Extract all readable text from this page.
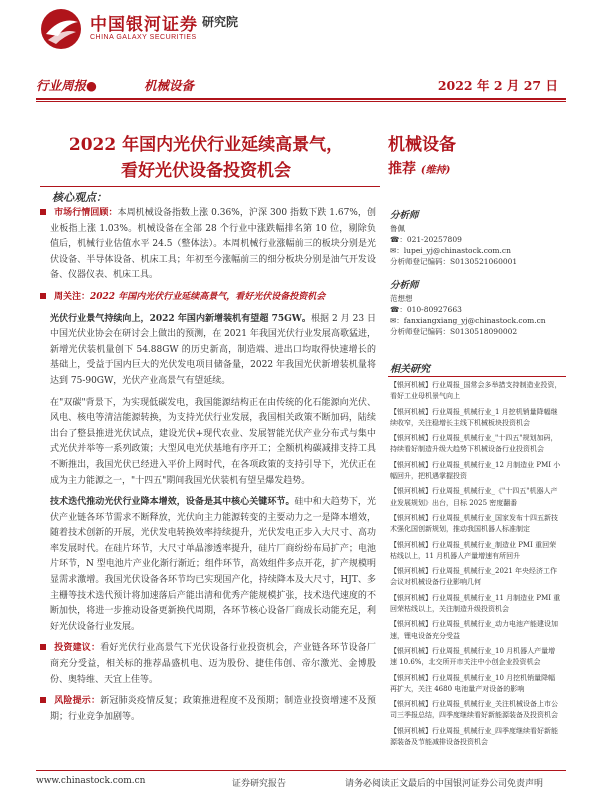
中国银河证券
CHINA GALAXY SECURITIES
研究院
行业周报●	机械设备	2022 年 2 月 27 日
2022 年国内光伏行业延续高景气，
看好光伏设备投资机会
核心观点：

市场行情回顾：本周机械设备指数上涨 0.36%，沪深 300 指数下跌 1.67%，创业板指上涨 1.03%。机械设备在全部 28 个行业中涨跌幅排名第 10 位，剔除负值后，机械行业估值水平 24.5（整体法）。本周机械行业涨幅前三的板块分别是光伏设备、半导体设备、机床工具；年初至今涨幅前三的细分板块分别是油气开发设备、仪器仪表、机床工具。

周关注：2022 年国内光伏行业延续高景气，看好光伏设备投资机会

光伏行业景气持续向上，2022 年国内新增装机有望超 75GW。根据 2 月 23 日中国光伏业协会在研讨会上做出的预测，在 2021 年我国光伏行业发展高歌猛进，新增光伏装机量创下 54.88GW 的历史新高，制造端、进出口均取得快速增长的基础上，受益于国内巨大的光伏发电项目储备量，2022 年我国光伏新增装机量将达到 75-90GW，光伏产业高景气有望延续。

在"双碳"背景下，为实现低碳发电，我国能源结构正在由传统的化石能源向光伏、风电、核电等清洁能源转换，为支持光伏行业发展，我国相关政策不断加码，陆续出台了整县推进光伏试点，建设光伏+现代农业、发展智能光伏产业分布式与集中式光伏并举等一系列政策；大型风电光伏基地有序开工；全额机构碳减排支持工具不断推出，我国光伏已经进入平价上网时代，在各项政策的支持引导下，光伏正在成为主力能源之一，"十四五"期间我国光伏装机有望呈爆发趋势。

技术迭代推动光伏行业降本增效，设备是其中核心关键环节。硅中和大趋势下，光伏产业链各环节需求不断释放，光伏向主力能源转变的主要动力之一是降本增效，随着技术创新的开展，光伏发电转换效率持续提升，光伏发电正步入大尺寸、高功率发展时代。在硅片环节，大尺寸单晶渗透率提升，硅片厂商纷纷布局扩产；电池片环节，N 型电池片产业化渐行渐近；组件环节，高效组件多点开花，扩产规模明显需求激增。我国光伏设备各环节均已实现国产化，持续降本及大尺寸，HJT、多主栅等技术迭代预计将加速落后产能出清和优秀产能规模扩张，技术迭代速度的不断加快，将进一步推动设备更新换代周期，各环节核心设备厂商成长动能充足，利好光伏设备行业发展。

投资建议：看好光伏行业高景气下光伏设备行业投资机会，产业链各环节设备厂商充分受益，相关标的推荐晶盛机电、迈为股份、捷佳伟创、帝尔激光、金博股份、奥特维、天宜上佳等。

风险提示：新冠肺炎疫情反复；政策推进程度不及预期；制造业投资增速不及预期；行业竞争加剧等。

机械设备
推荐 (维持)
分析师
鲁佩
☎：021-20257809
✉：lupei_yj@chinastock.com.cn
分析师登记编码：S0130521060001
分析师
范想想
☎：010-80927663
✉：fanxiangxiang_yj@chinastock.com.cn
分析师登记编码：S0130518090002
相关研究
【银河机械】行业周报_国常会多举措支持制造业投资，看好工业母机景气向上
【银河机械】行业周报_机械行业_1 月挖机销量降幅继续收窄，关注稳增长主线下机械板块投资机会
【银河机械】行业周报_机械行业_"十四五"规划加码，持续看好制造升级大趋势下机械设备行业投资机会
【银河机械】行业周报_机械行业_12 月制造业 PMI 小幅回升，把机遇掌握投资
【银河机械】行业周报_机械行业_《"十四五"机器人产业发展规划》出台，目标 2025 密度翻番
【银河机械】行业周报_机械行业_国家发布十四五新技术强化国创新规划，推动我国机器人标准制定
【银河机械】行业周报_机械行业_制造业 PMI 重回荣枯线以上，11 月机器人产量增速有所回升
【银河机械】行业周报_机械行业_2021 年央经济工作会议对机械设备行业影响几何
【银河机械】行业周报_机械行业_11 月制造业 PMI 重回荣枯线以上，关注制造升级投资机会
【银河机械】行业周报_机械行业_动力电池产能建设加速，锂电设备充分受益
【银河机械】行业周报_机械行业_10 月机器人产量增速 10.6%，北交所开市关注中小创企业投资机会
【银河机械】行业周报_机械行业_10 月挖机销量降幅再扩大，关注 4680 电池量产对设备的影响
【银河机械】行业周报_机械行业_关注机械设备上市公司三季报总结，四季度继续看好新能源装备及投资机会
【银河机械】行业周报_机械行业_四季度继续看好新能源装备及节能减排设备投资机会
www.chinastock.com.cn	证券研究报告	请务必阅读正文最后的中国银河证券公司免责声明
